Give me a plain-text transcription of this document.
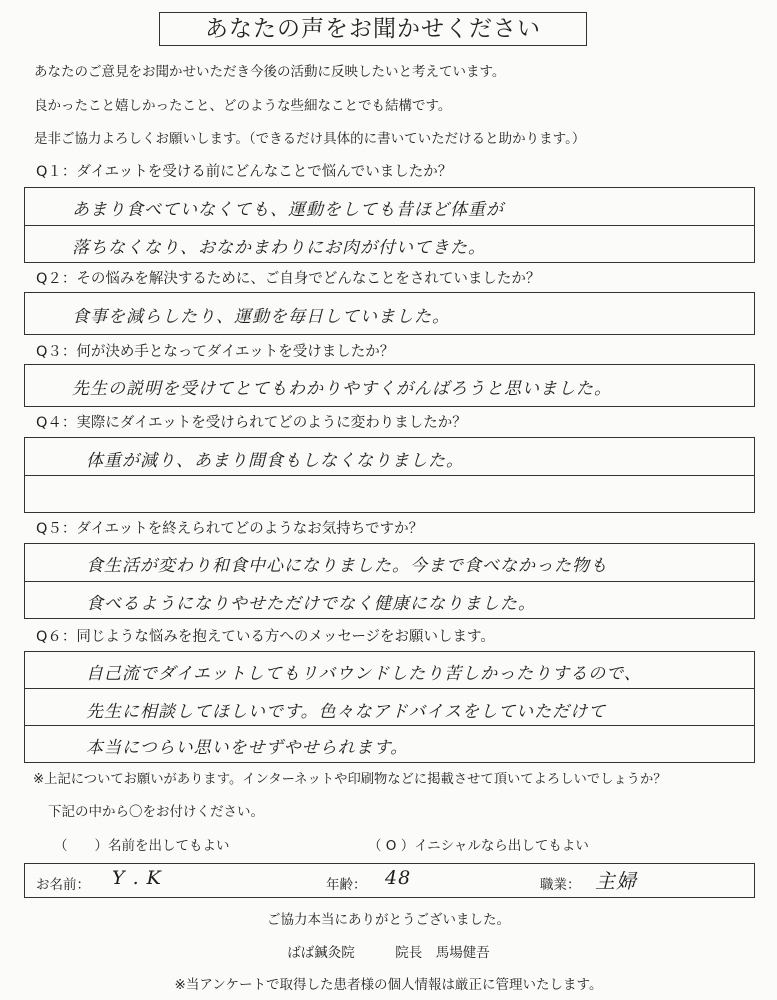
あなたの声をお聞かせください
あなたのご意見をお聞かせいただき今後の活動に反映したいと考えています。
良かったこと嬉しかったこと、どのような些細なことでも結構です。
是非ご協力よろしくお願いします。（できるだけ具体的に書いていただけると助かります。）
Q１：ダイエットを受ける前にどんなことで悩んでいましたか？
あまり食べていなくても、運動をしても昔ほど体重が
落ちなくなり、おなかまわりにお肉が付いてきた。
Q２：その悩みを解決するために、ご自身でどんなことをされていましたか？
食事を減らしたり、運動を毎日していました。
Q３：何が決め手となってダイエットを受けましたか？
先生の説明を受けてとてもわかりやすくがんばろうと思いました。
Q４：実際にダイエットを受けられてどのように変わりましたか？
体重が減り、あまり間食もしなくなりました。
Q５：ダイエットを終えられてどのようなお気持ちですか？
食生活が変わり和食中心になりました。今まで食べなかった物も
食べるようになりやせただけでなく健康になりました。
Q６：同じような悩みを抱えている方へのメッセージをお願いします。
自己流でダイエットしてもリバウンドしたり苦しかったりするので、
先生に相談してほしいです。色々なアドバイスをしていただけて
本当につらい思いをせずやせられます。
※上記についてお願いがあります。インターネットや印刷物などに掲載させて頂いてよろしいでしょうか？
下記の中から〇をお付けください。
（　　）名前を出してもよい	（ O ）イニシャルなら出してもよい
お名前： Y . K	年齢： 48	職業： 主婦
ご協力本当にありがとうございました。
ばば鍼灸院　　　院長　馬場健吾
※当アンケートで取得した患者様の個人情報は厳正に管理いたします。
